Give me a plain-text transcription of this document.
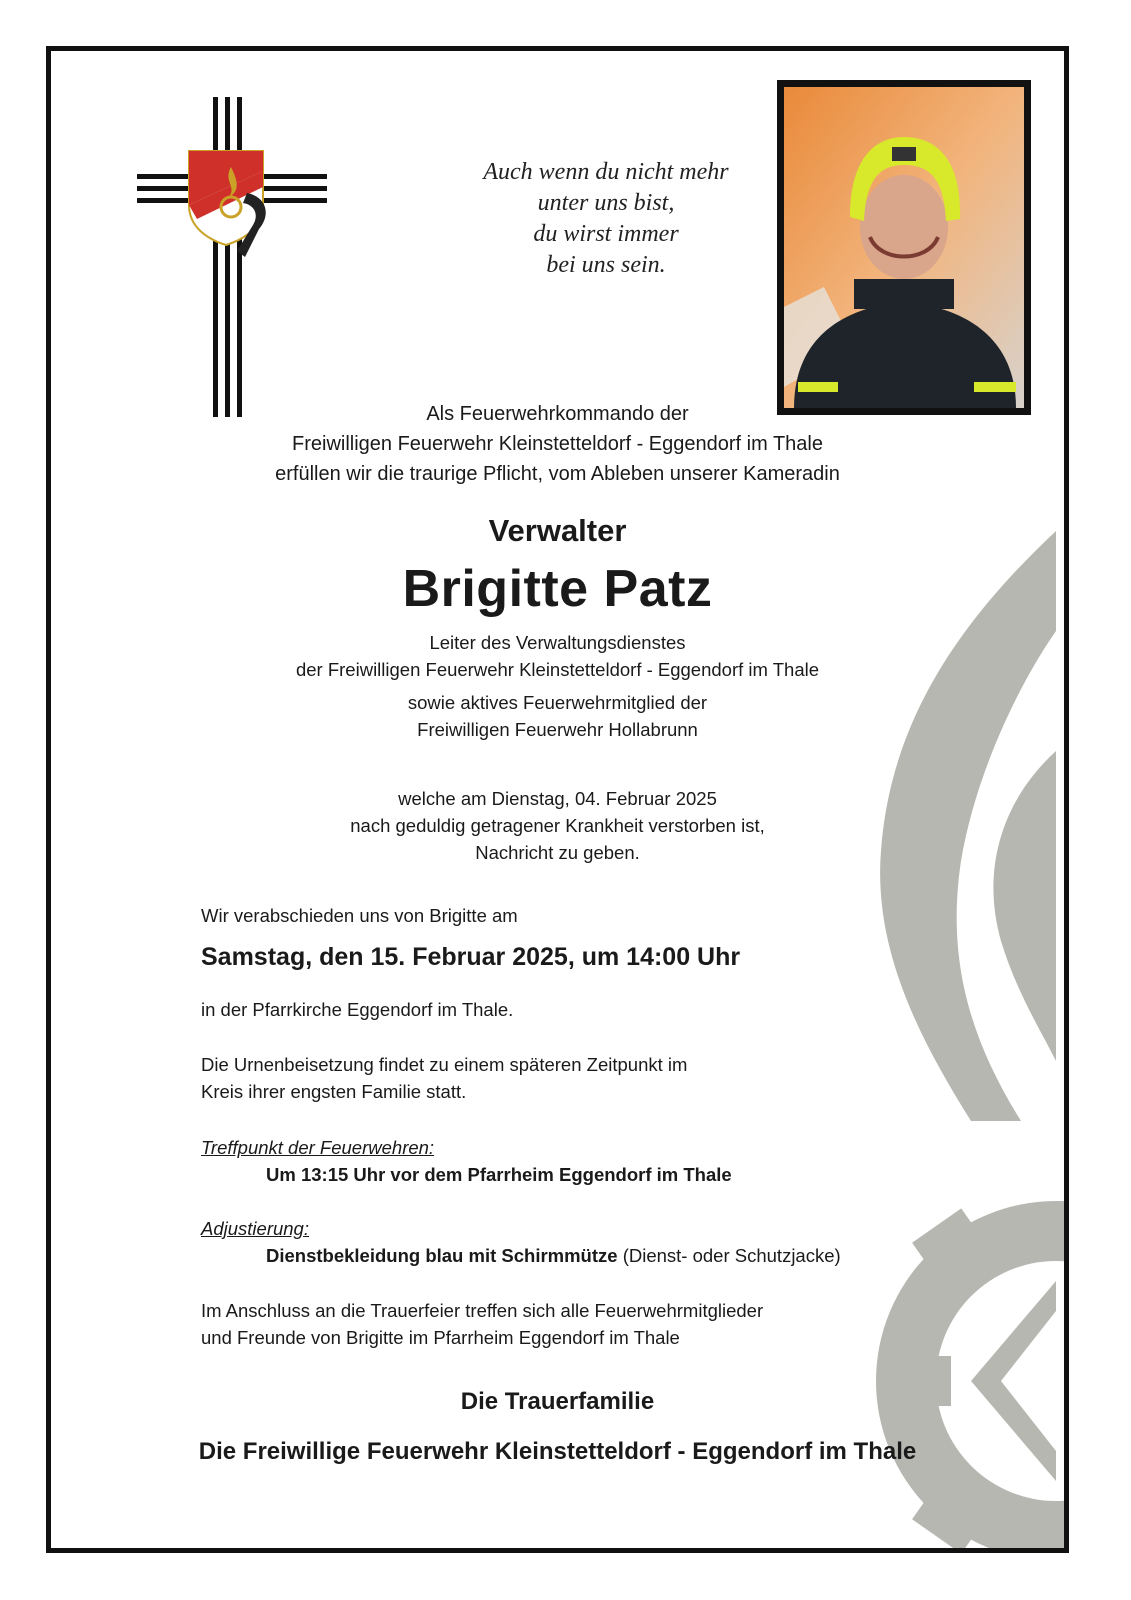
Auch wenn du nicht mehr
unter uns bist,
du wirst immer
bei uns sein.
Als Feuerwehrkommando der
Freiwilligen Feuerwehr Kleinstetteldorf - Eggendorf im Thale
erfüllen wir die traurige Pflicht, vom Ableben unserer Kameradin
Verwalter
Brigitte Patz
Leiter des Verwaltungsdienstes
der Freiwilligen Feuerwehr Kleinstetteldorf - Eggendorf im Thale
sowie aktives Feuerwehrmitglied der
Freiwilligen Feuerwehr Hollabrunn
welche am Dienstag, 04. Februar 2025
nach geduldig getragener Krankheit verstorben ist,
Nachricht zu geben.
Wir verabschieden uns von Brigitte am
Samstag, den 15. Februar 2025, um 14:00 Uhr
in der Pfarrkirche Eggendorf im Thale.
Die Urnenbeisetzung findet zu einem späteren Zeitpunkt im
Kreis ihrer engsten Familie statt.
Treffpunkt der Feuerwehren:
Um 13:15 Uhr vor dem Pfarrheim Eggendorf im Thale
Adjustierung:
Dienstbekleidung blau mit Schirmmütze (Dienst- oder Schutzjacke)
Im Anschluss an die Trauerfeier treffen sich alle Feuerwehrmitglieder
und Freunde von Brigitte im Pfarrheim Eggendorf im Thale
Die Trauerfamilie
Die Freiwillige Feuerwehr Kleinstetteldorf - Eggendorf im Thale
